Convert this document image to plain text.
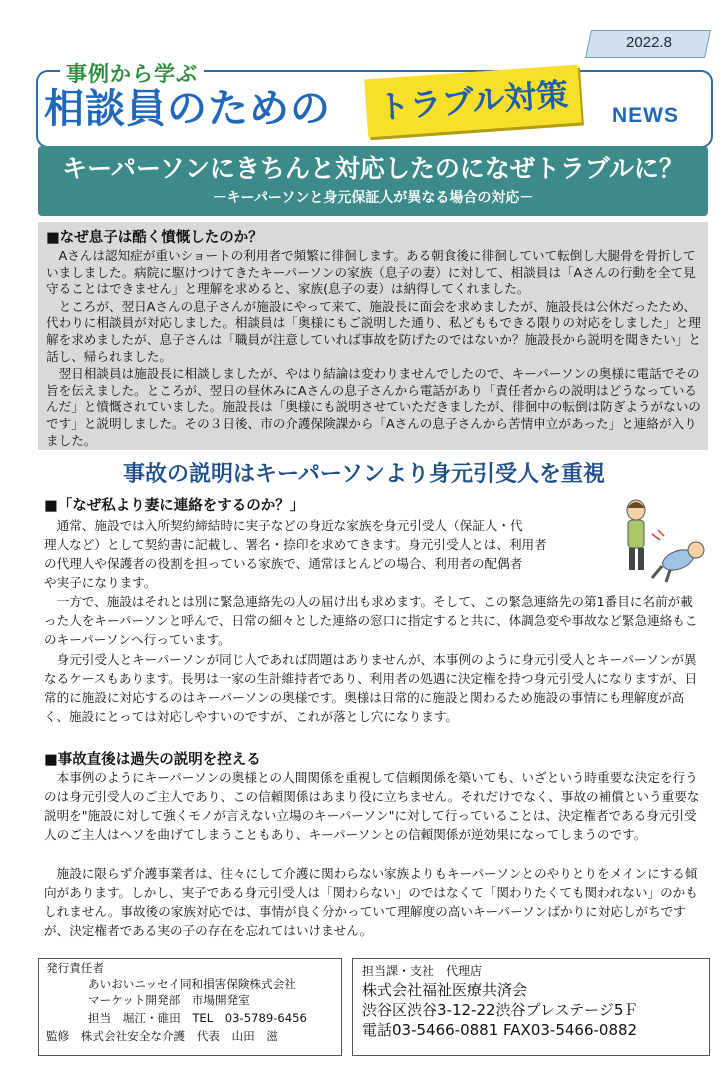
2022.8
事例から学ぶ
相談員のための トラブル対策 NEWS
キーパーソンにきちんと対応したのになぜトラブルに？
－キーパーソンと身元保証人が異なる場合の対応－
■なぜ息子は酷く憤慨したのか？

Aさんは認知症が重いショートの利用者で頻繁に徘徊します。ある朝食後に徘徊していて転倒し大腿骨を骨折していましました。病院に駆けつけてきたキーパーソンの家族（息子の妻）に対して、相談員は「Aさんの行動を全て見守ることはできません」と理解を求めると、家族(息子の妻）は納得してくれました。

ところが、翌日Aさんの息子さんが施設にやって来て、施設長に面会を求めましたが、施設長は公休だったため、代わりに相談員が対応しました。相談員は「奥様にもご説明した通り、私どももできる限りの対応をしました」と理解を求めましたが、息子さんは「職員が注意していれば事故を防げたのではないか？施設長から説明を聞きたい」と話し、帰られました。

翌日相談員は施設長に相談しましたが、やはり結論は変わりませんでしたので、キーパーソンの奥様に電話でその旨を伝えました。ところが、翌日の昼休みにAさんの息子さんから電話があり「責任者からの説明はどうなっているんだ」と憤慨されていました。施設長は「奥様にも説明させていただきましたが、徘徊中の転倒は防ぎようがないのです」と説明しました。その３日後、市の介護保険課から「Aさんの息子さんから苦情申立があった」と連絡が入りました。

事故の説明はキーパーソンより身元引受人を重視
■「なぜ私より妻に連絡をするのか？」
通常、施設では入所契約締結時に実子などの身近な家族を身元引受人（保証人・代
理人など）として契約書に記載し、署名・捺印を求めてきます。身元引受人とは、利用者
の代理人や保護者の役割を担っている家族で、通常ほとんどの場合、利用者の配偶者
や実子になります。

一方で、施設はそれとは別に緊急連絡先の人の届け出も求めます。そして、この緊急連絡先の第1番目に名前が載った人をキーパーソンと呼んで、日常の細々とした連絡の窓口に指定すると共に、体調急変や事故など緊急連絡もこのキーパーソンへ行っています。

身元引受人とキーパーソンが同じ人であれば問題はありませんが、本事例のように身元引受人とキーパーソンが異なるケースもあります。長男は一家の生計維持者であり、利用者の処遇に決定権を持つ身元引受人になりますが、日常的に施設に対応するのはキーパーソンの奥様です。奥様は日常的に施設と関わるため施設の事情にも理解度が高く、施設にとっては対応しやすいのですが、これが落とし穴になります。

■事故直後は過失の説明を控える

本事例のようにキーパーソンの奥様との人間関係を重視して信頼関係を築いても、いざという時重要な決定を行うのは身元引受人のご主人であり、この信頼関係はあまり役に立ちません。それだけでなく、事故の補償という重要な説明を"施設に対して強くモノが言えない立場のキーパーソン"に対して行っていることは、決定権者である身元引受人のご主人はヘソを曲げてしまうこともあり、キーパーソンとの信頼関係が逆効果になってしまうのです。

施設に限らず介護事業者は、往々にして介護に関わらない家族よりもキーパーソンとのやりとりをメインにする傾向があります。しかし、実子である身元引受人は「関わらない」のではなくて「関わりたくても関われない」のかもしれません。事故後の家族対応では、事情が良く分かっていて理解度の高いキーパーソンばかりに対応しがちですが、決定権者である実の子の存在を忘れてはいけません。

発行責任者
あいおいニッセイ同和損害保険株式会社
マーケット開発部　市場開発室
担当　堀江・碓田　TEL　03-5789-6456
監修　株式会社安全な介護　代表　山田　滋
担当課・支社　代理店
株式会社福祉医療共済会
渋谷区渋谷3-12-22渋谷プレステージ5Ｆ
電話03-5466-0881 FAX03-5466-0882
